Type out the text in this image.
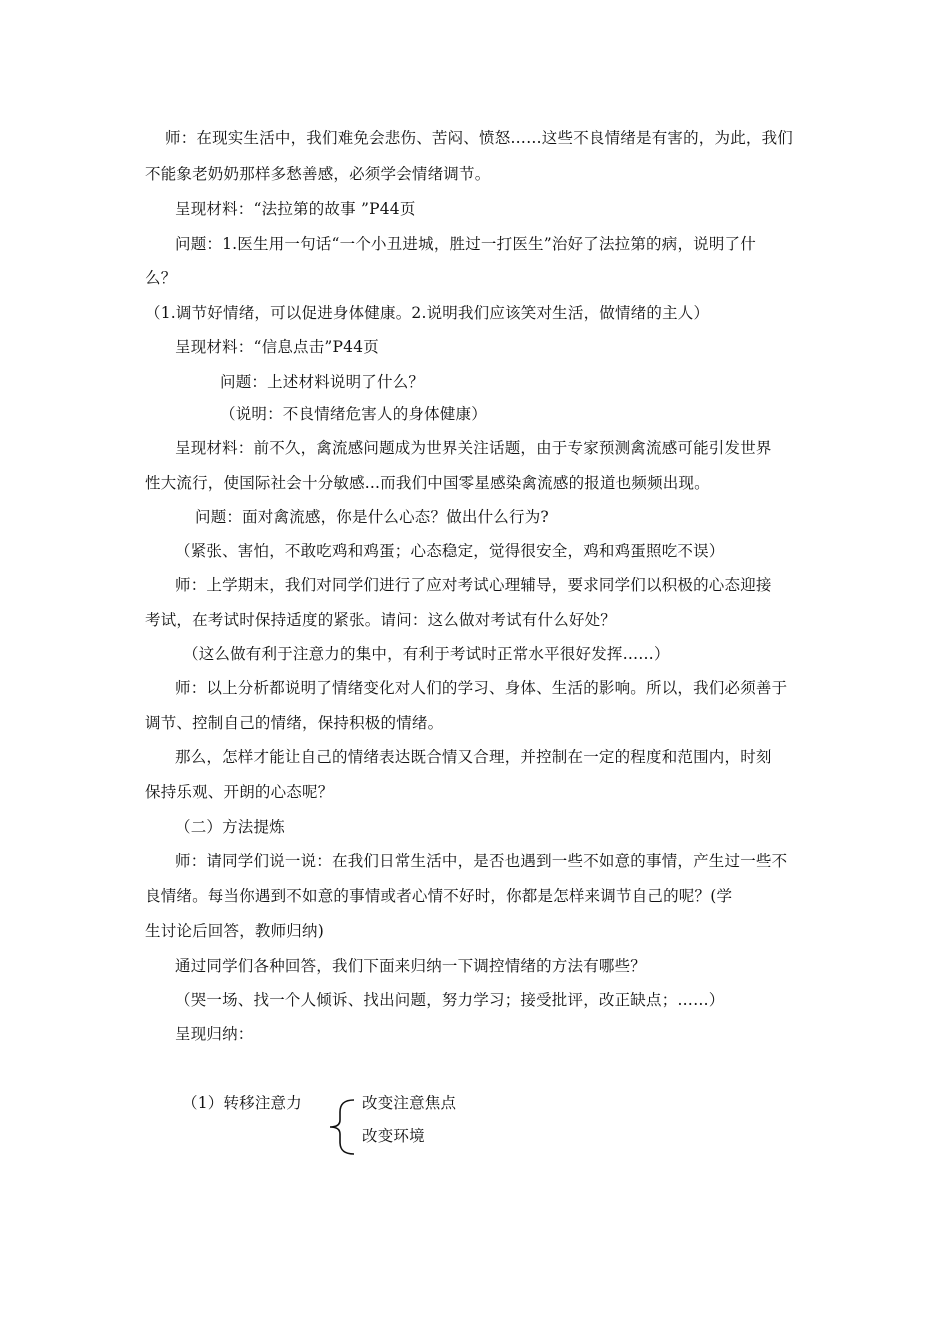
师：在现实生活中，我们难免会悲伤、苦闷、愤怒……这些不良情绪是有害的，为此，我们
不能象老奶奶那样多愁善感，必须学会情绪调节。
呈现材料：“法拉第的故事 ”P44页
问题：1.医生用一句话“一个小丑进城，胜过一打医生”治好了法拉第的病，说明了什
么？
（1.调节好情绪，可以促进身体健康。2.说明我们应该笑对生活，做情绪的主人）
呈现材料：“信息点击”P44页
问题：上述材料说明了什么？
（说明：不良情绪危害人的身体健康）
呈现材料：前不久，禽流感问题成为世界关注话题，由于专家预测禽流感可能引发世界
性大流行，使国际社会十分敏感...而我们中国零星感染禽流感的报道也频频出现。
问题：面对禽流感，你是什么心态？做出什么行为?
（紧张、害怕，不敢吃鸡和鸡蛋；心态稳定，觉得很安全，鸡和鸡蛋照吃不误）
师：上学期末，我们对同学们进行了应对考试心理辅导，要求同学们以积极的心态迎接
考试，在考试时保持适度的紧张。请问：这么做对考试有什么好处？
（这么做有利于注意力的集中，有利于考试时正常水平很好发挥……）
师：以上分析都说明了情绪变化对人们的学习、身体、生活的影响。所以，我们必须善于
调节、控制自己的情绪，保持积极的情绪。
那么，怎样才能让自己的情绪表达既合情又合理，并控制在一定的程度和范围内，时刻
保持乐观、开朗的心态呢？
（二）方法提炼
师：请同学们说一说：在我们日常生活中，是否也遇到一些不如意的事情，产生过一些不
良情绪。每当你遇到不如意的事情或者心情不好时，你都是怎样来调节自己的呢？(学
生讨论后回答，教师归纳)
通过同学们各种回答，我们下面来归纳一下调控情绪的方法有哪些？
（哭一场、找一个人倾诉、找出问题，努力学习；接受批评，改正缺点；……）
呈现归纳：
（1）转移注意力	改变注意焦点
改变环境
